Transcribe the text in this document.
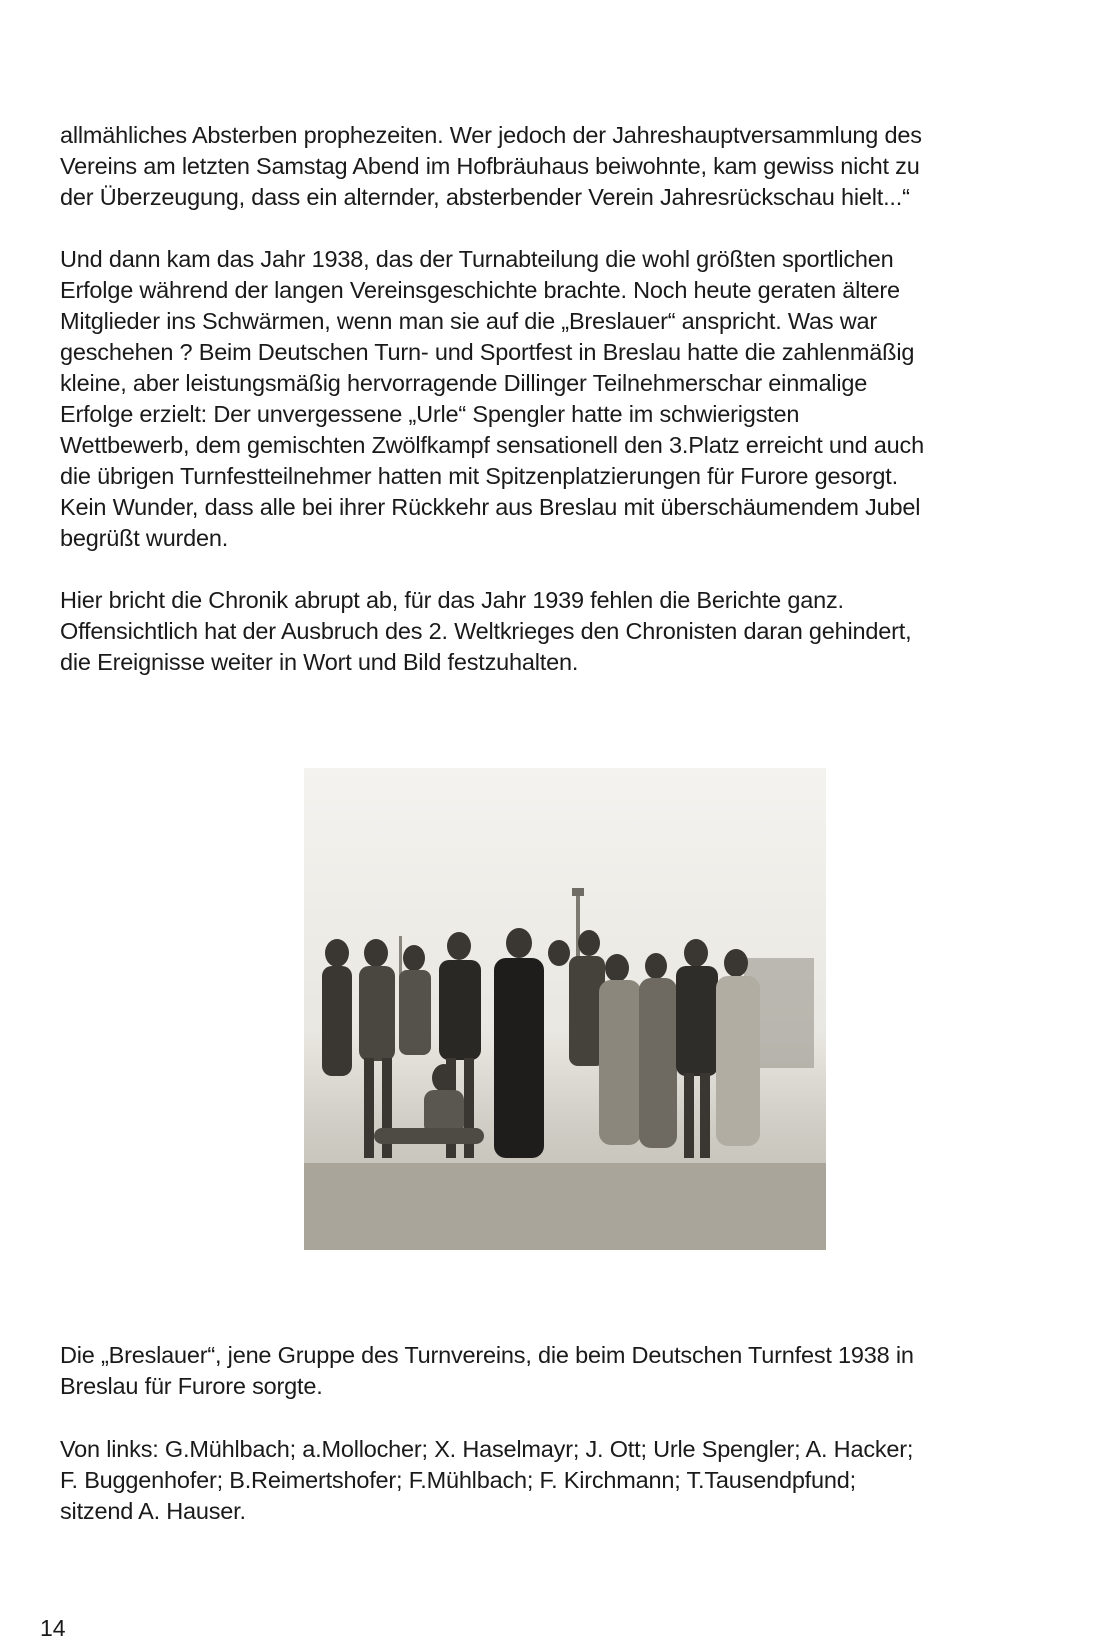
allmähliches Absterben prophezeiten. Wer jedoch der Jahreshauptversammlung des
Vereins am letzten Samstag Abend im Hofbräuhaus beiwohnte, kam gewiss nicht zu
der Überzeugung, dass ein alternder, absterbender Verein Jahresrückschau hielt...“

Und dann kam das Jahr 1938, das der Turnabteilung die wohl größten sportlichen
Erfolge während der langen Vereinsgeschichte brachte. Noch heute geraten ältere
Mitglieder ins Schwärmen, wenn man sie auf die „Breslauer“ anspricht. Was war
geschehen ? Beim Deutschen Turn- und Sportfest in Breslau hatte die zahlenmäßig
kleine, aber leistungsmäßig hervorragende Dillinger Teilnehmerschar einmalige
Erfolge erzielt: Der unvergessene „Urle“ Spengler hatte im schwierigsten
Wettbewerb, dem gemischten Zwölfkampf sensationell den 3.Platz erreicht und auch
die übrigen Turnfestteilnehmer hatten mit Spitzenplatzierungen für Furore gesorgt.
Kein Wunder, dass alle bei ihrer Rückkehr aus Breslau mit überschäumendem Jubel
begrüßt wurden.

Hier bricht die Chronik abrupt ab, für das Jahr 1939 fehlen die Berichte ganz.
Offensichtlich hat der Ausbruch des 2. Weltkrieges den Chronisten daran gehindert,
die Ereignisse weiter in Wort und Bild festzuhalten.

Die „Breslauer“, jene Gruppe des Turnvereins, die beim Deutschen Turnfest 1938 in
Breslau für Furore sorgte.

Von links: G.Mühlbach; a.Mollocher; X. Haselmayr; J. Ott; Urle Spengler; A. Hacker;
F. Buggenhofer; B.Reimertshofer; F.Mühlbach; F. Kirchmann; T.Tausendpfund;
sitzend A. Hauser.

14
